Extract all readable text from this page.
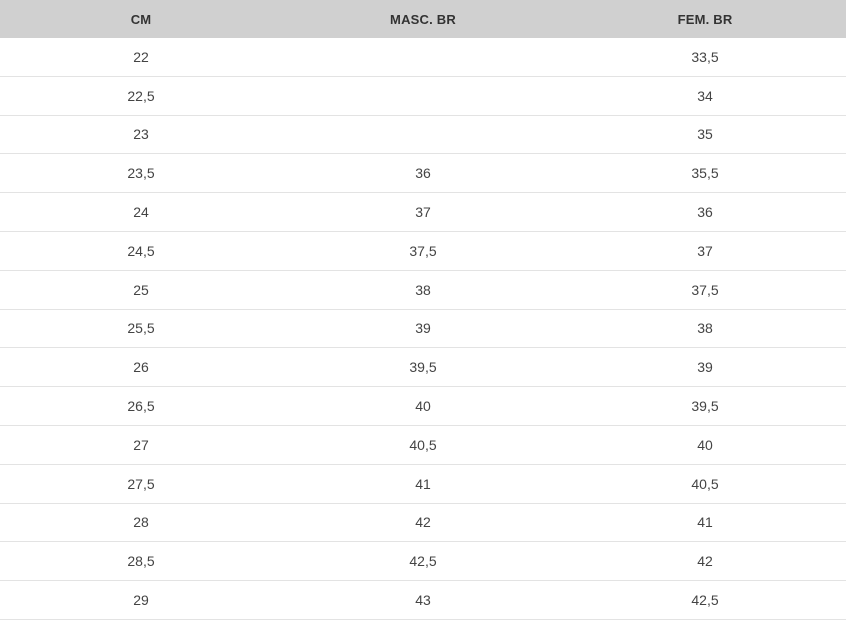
CM	MASC. BR	FEM. BR
22		33,5
22,5		34
23		35
23,5	36	35,5
24	37	36
24,5	37,5	37
25	38	37,5
25,5	39	38
26	39,5	39
26,5	40	39,5
27	40,5	40
27,5	41	40,5
28	42	41
28,5	42,5	42
29	43	42,5
